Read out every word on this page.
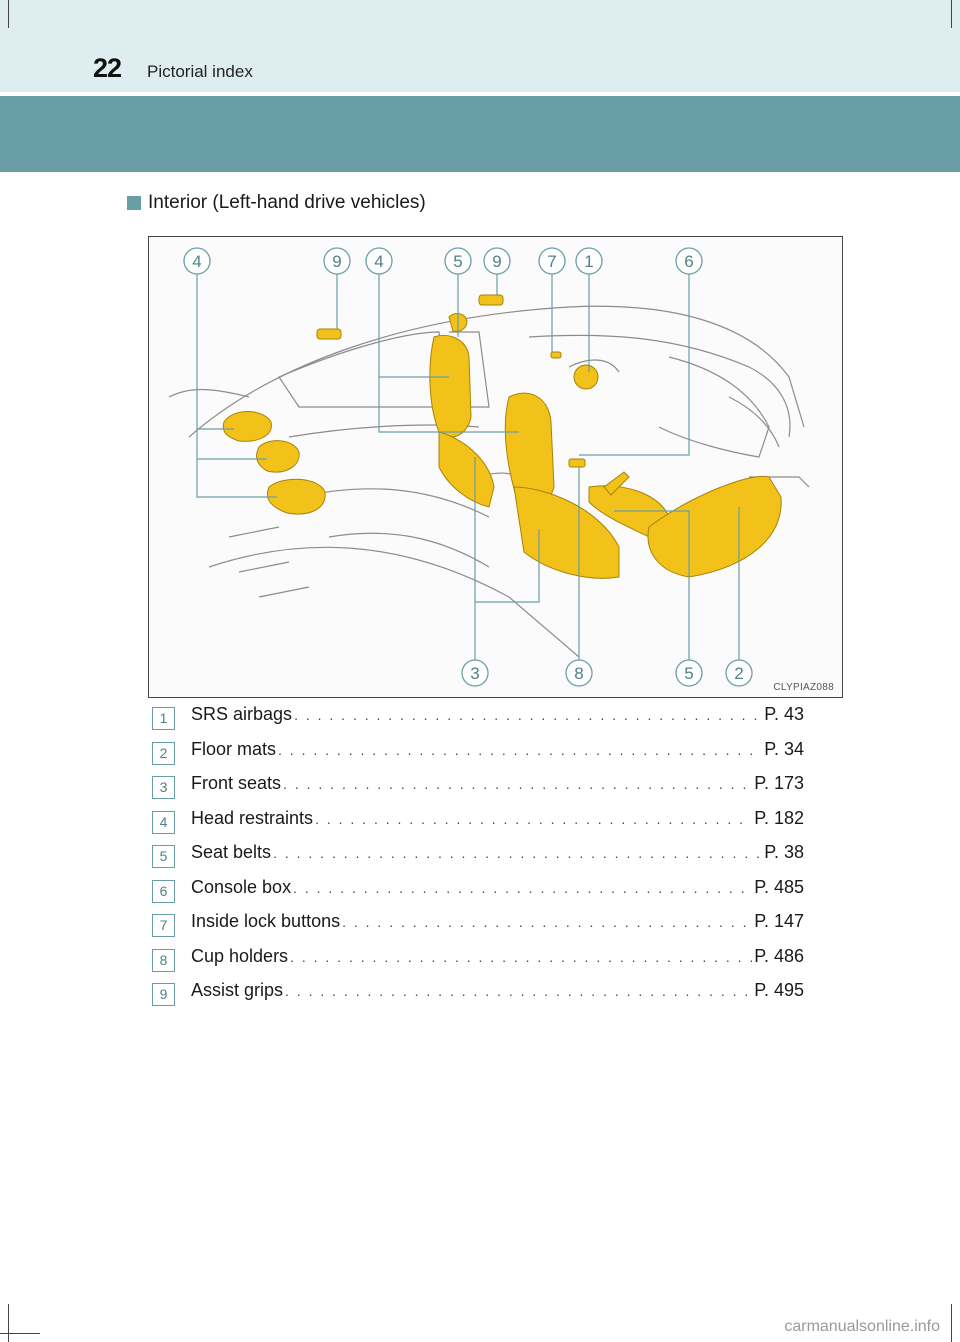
22 Pictorial index
Interior (Left-hand drive vehicles)
4	9 4	5 9	7 1	6
3	8	5 2
CLYPIAZ088
1	SRS airbags . . .	P. 43
2	Floor mats . . .	P. 34
3	Front seats . . .	P. 173
4	Head restraints . . .	P. 182
5	Seat belts . . .	P. 38
6	Console box . . .	P. 485
7	Inside lock buttons . . .	P. 147
8	Cup holders . . .	P. 486
9	Assist grips . . .	P. 495
carmanualsonline.info
